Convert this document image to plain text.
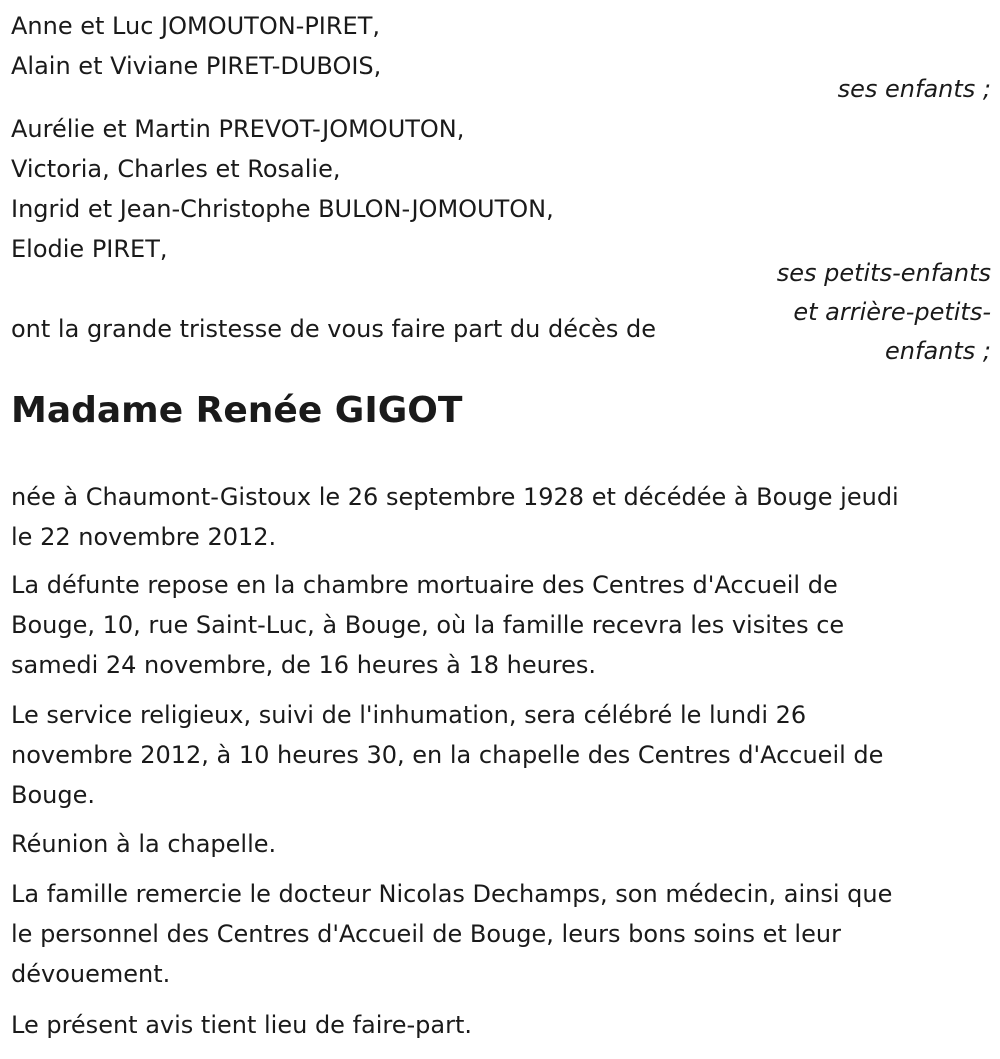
Anne et Luc JOMOUTON-PIRET,
Alain et Viviane PIRET-DUBOIS,
ses enfants ;
Aurélie et Martin PREVOT-JOMOUTON,
Victoria, Charles et Rosalie,
Ingrid et Jean-Christophe BULON-JOMOUTON,
Elodie PIRET,
ses petits-enfants
et arrière-petits-
enfants ;
ont la grande tristesse de vous faire part du décès de
Madame Renée GIGOT

née à Chaumont-Gistoux le 26 septembre 1928 et décédée à Bouge jeudi

le 22 novembre 2012.

La défunte repose en la chambre mortuaire des Centres d'Accueil de

Bouge, 10, rue Saint-Luc, à Bouge, où la famille recevra les visites ce

samedi 24 novembre, de 16 heures à 18 heures.

Le service religieux, suivi de l'inhumation, sera célébré le lundi 26

novembre 2012, à 10 heures 30, en la chapelle des Centres d'Accueil de

Bouge.

Réunion à la chapelle.

La famille remercie le docteur Nicolas Dechamps, son médecin, ainsi que

le personnel des Centres d'Accueil de Bouge, leurs bons soins et leur

dévouement.

Le présent avis tient lieu de faire-part.
